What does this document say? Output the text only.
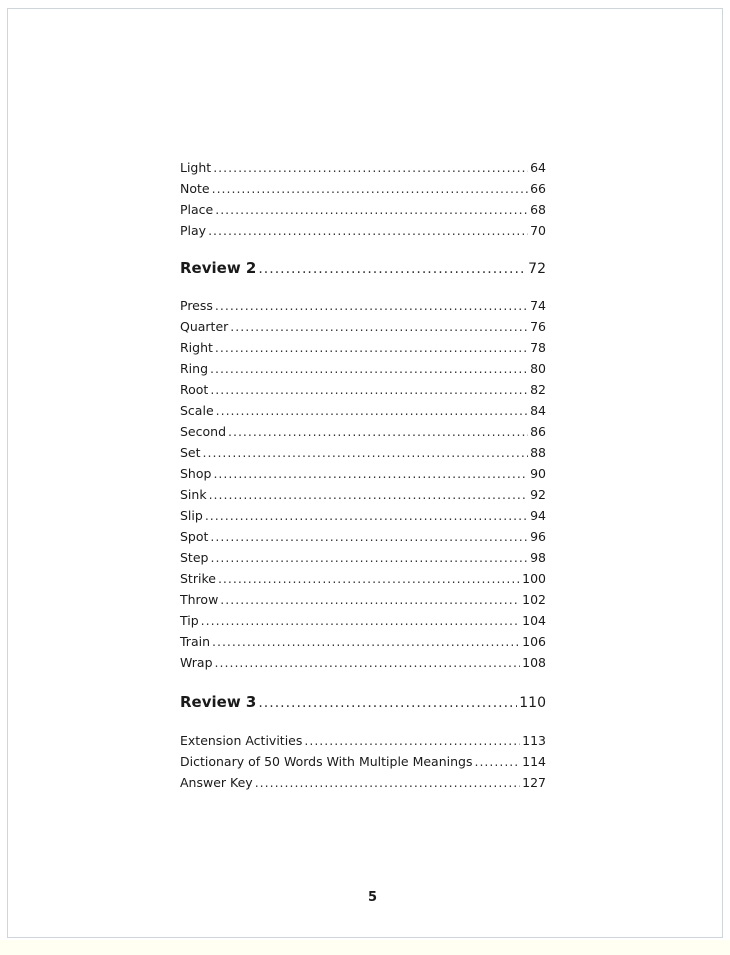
Light .....	64
Note .....	66
Place .....	68
Play .....	70
Review 2 .....	72
Press .....	74
Quarter .....	76
Right .....	78
Ring .....	80
Root .....	82
Scale .....	84
Second .....	86
Set .....	88
Shop .....	90
Sink .....	92
Slip .....	94
Spot .....	96
Step .....	98
Strike .....	100
Throw .....	102
Tip .....	104
Train .....	106
Wrap .....	108
Review 3 .....	110
Extension Activities .....	113
Dictionary of 50 Words With Multiple Meanings .....	114
Answer Key .....	127
5
